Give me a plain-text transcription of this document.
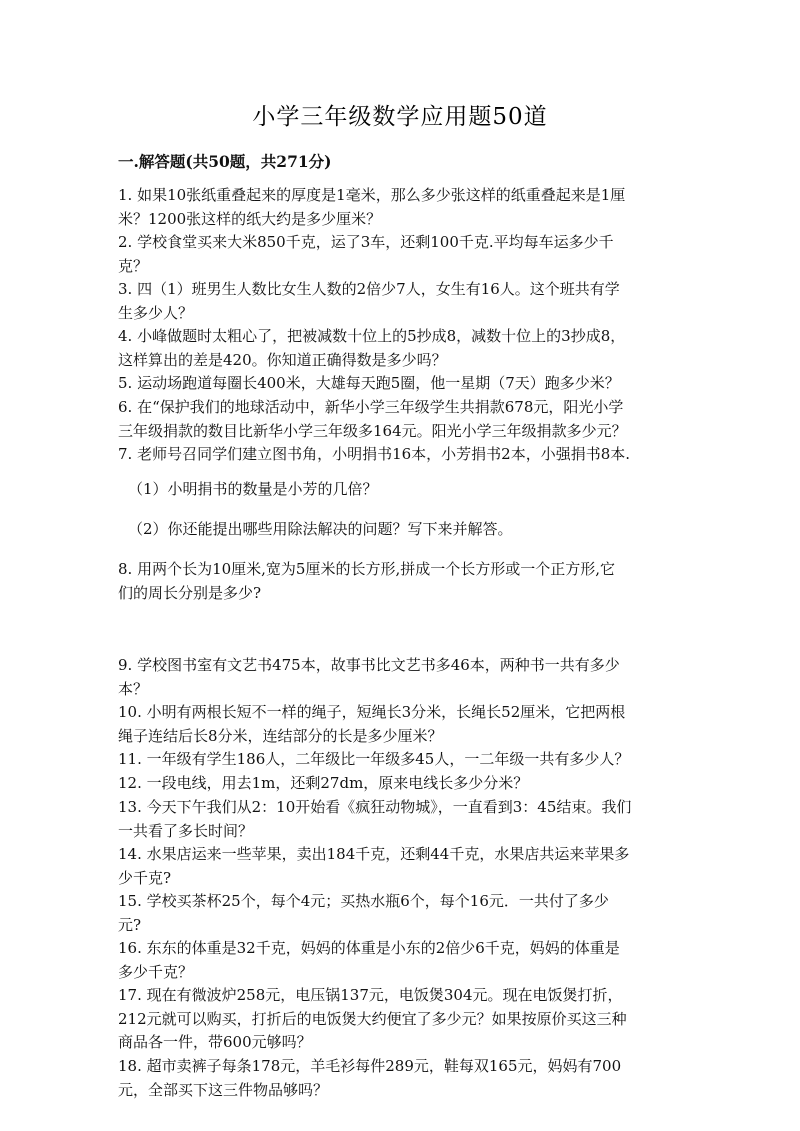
小学三年级数学应用题50道
一.解答题(共50题，共271分)
1. 如果10张纸重叠起来的厚度是1毫米，那么多少张这样的纸重叠起来是1厘
米？1200张这样的纸大约是多少厘米？
2. 学校食堂买来大米850千克，运了3车，还剩100千克.平均每车运多少千
克？
3. 四（1）班男生人数比女生人数的2倍少7人，女生有16人。这个班共有学
生多少人？
4. 小峰做题时太粗心了，把被减数十位上的5抄成8，减数十位上的3抄成8，
这样算出的差是420。你知道正确得数是多少吗？
5. 运动场跑道每圈长400米，大雄每天跑5圈，他一星期（7天）跑多少米？
6. 在“保护我们的地球活动中，新华小学三年级学生共捐款678元，阳光小学
三年级捐款的数目比新华小学三年级多164元。阳光小学三年级捐款多少元？
7. 老师号召同学们建立图书角，小明捐书16本，小芳捐书2本，小强捐书8本.
（1）小明捐书的数量是小芳的几倍？
（2）你还能提出哪些用除法解决的问题？写下来并解答。
8. 用两个长为10厘米,宽为5厘米的长方形,拼成一个长方形或一个正方形,它
们的周长分别是多少?
9. 学校图书室有文艺书475本，故事书比文艺书多46本，两种书一共有多少
本？
10. 小明有两根长短不一样的绳子，短绳长3分米，长绳长52厘米，它把两根
绳子连结后长8分米，连结部分的长是多少厘米？
11. 一年级有学生186人，二年级比一年级多45人，一二年级一共有多少人？
12. 一段电线，用去1m，还剩27dm，原来电线长多少分米？
13. 今天下午我们从2：10开始看《疯狂动物城》，一直看到3：45结束。我们
一共看了多长时间？
14. 水果店运来一些苹果，卖出184千克，还剩44千克，水果店共运来苹果多
少千克?
15. 学校买茶杯25个，每个4元；买热水瓶6个，每个16元．一共付了多少
元?
16. 东东的体重是32千克，妈妈的体重是小东的2倍少6千克，妈妈的体重是
多少千克？
17. 现在有微波炉258元，电压锅137元，电饭煲304元。现在电饭煲打折，
212元就可以购买，打折后的电饭煲大约便宜了多少元？如果按原价买这三种
商品各一件，带600元够吗？
18. 超市卖裤子每条178元，羊毛衫每件289元，鞋每双165元，妈妈有700
元，全部买下这三件物品够吗？
